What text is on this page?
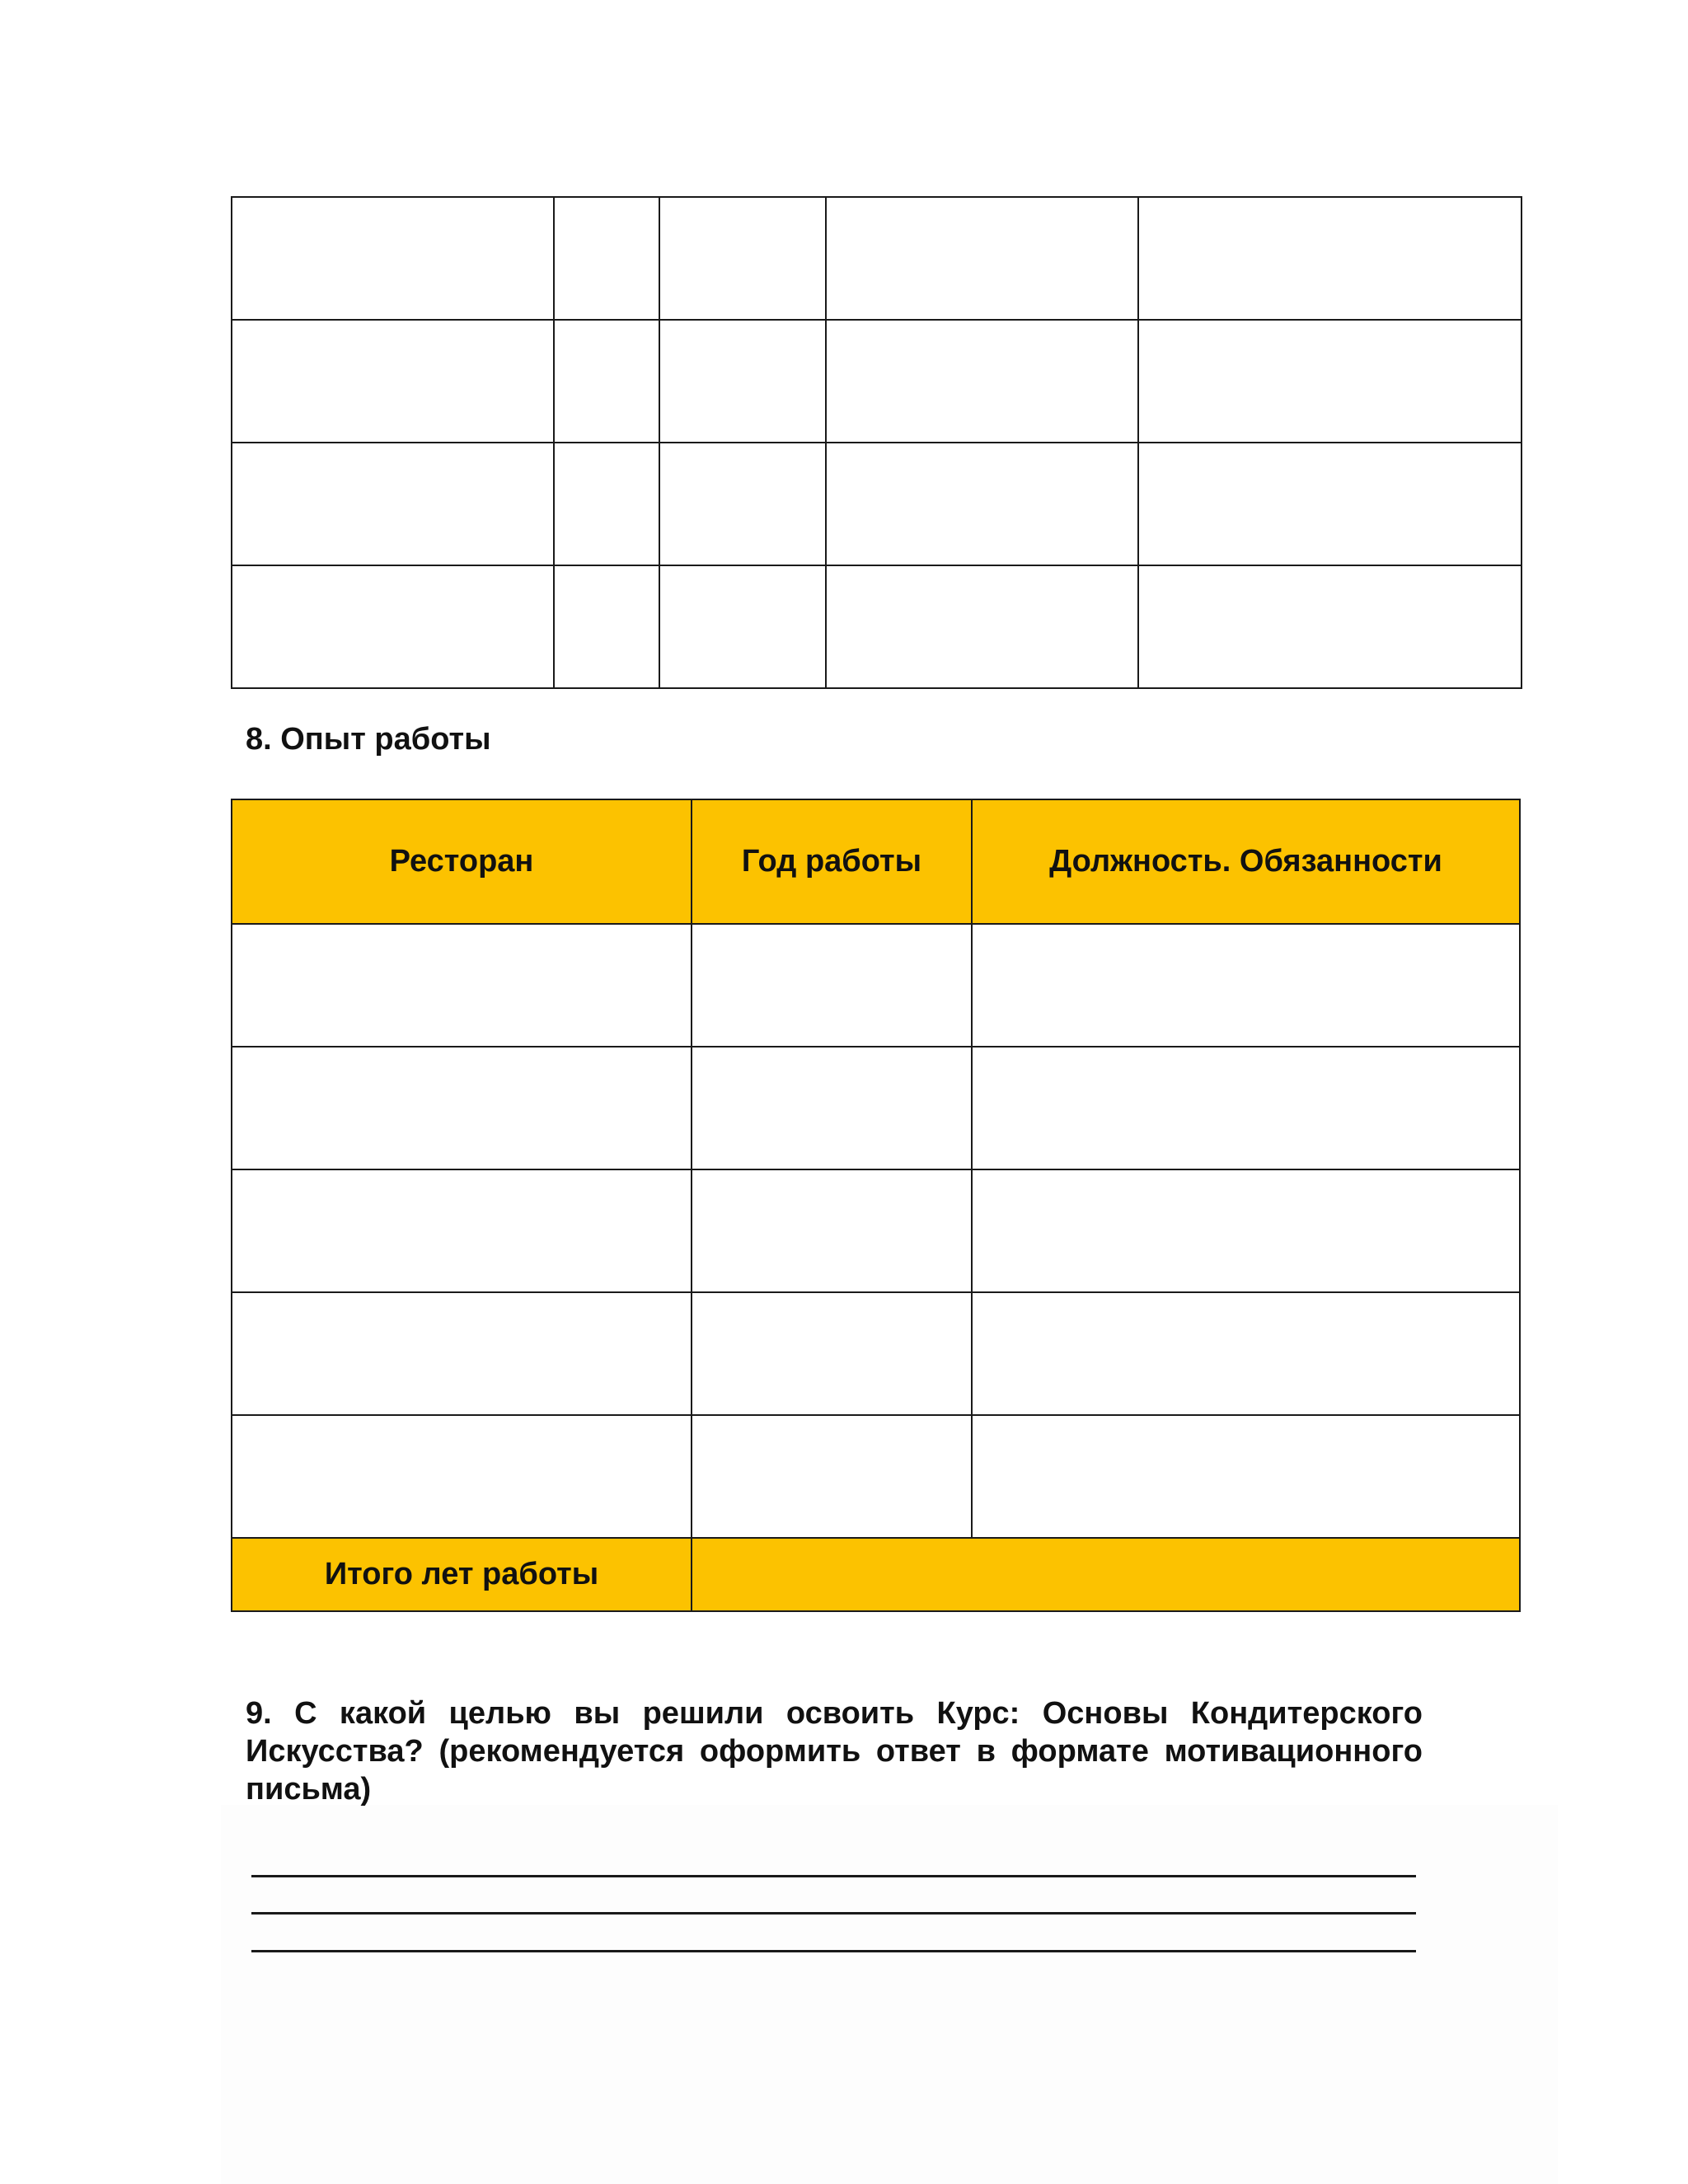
8. Опыт работы
Ресторан	Год работы	Должность. Обязанности

Итого лет работы		

9. С какой целью вы решили освоить Курс: Основы Кондитерского Искусства? (рекомендуется оформить ответ в формате мотивационного письма)
